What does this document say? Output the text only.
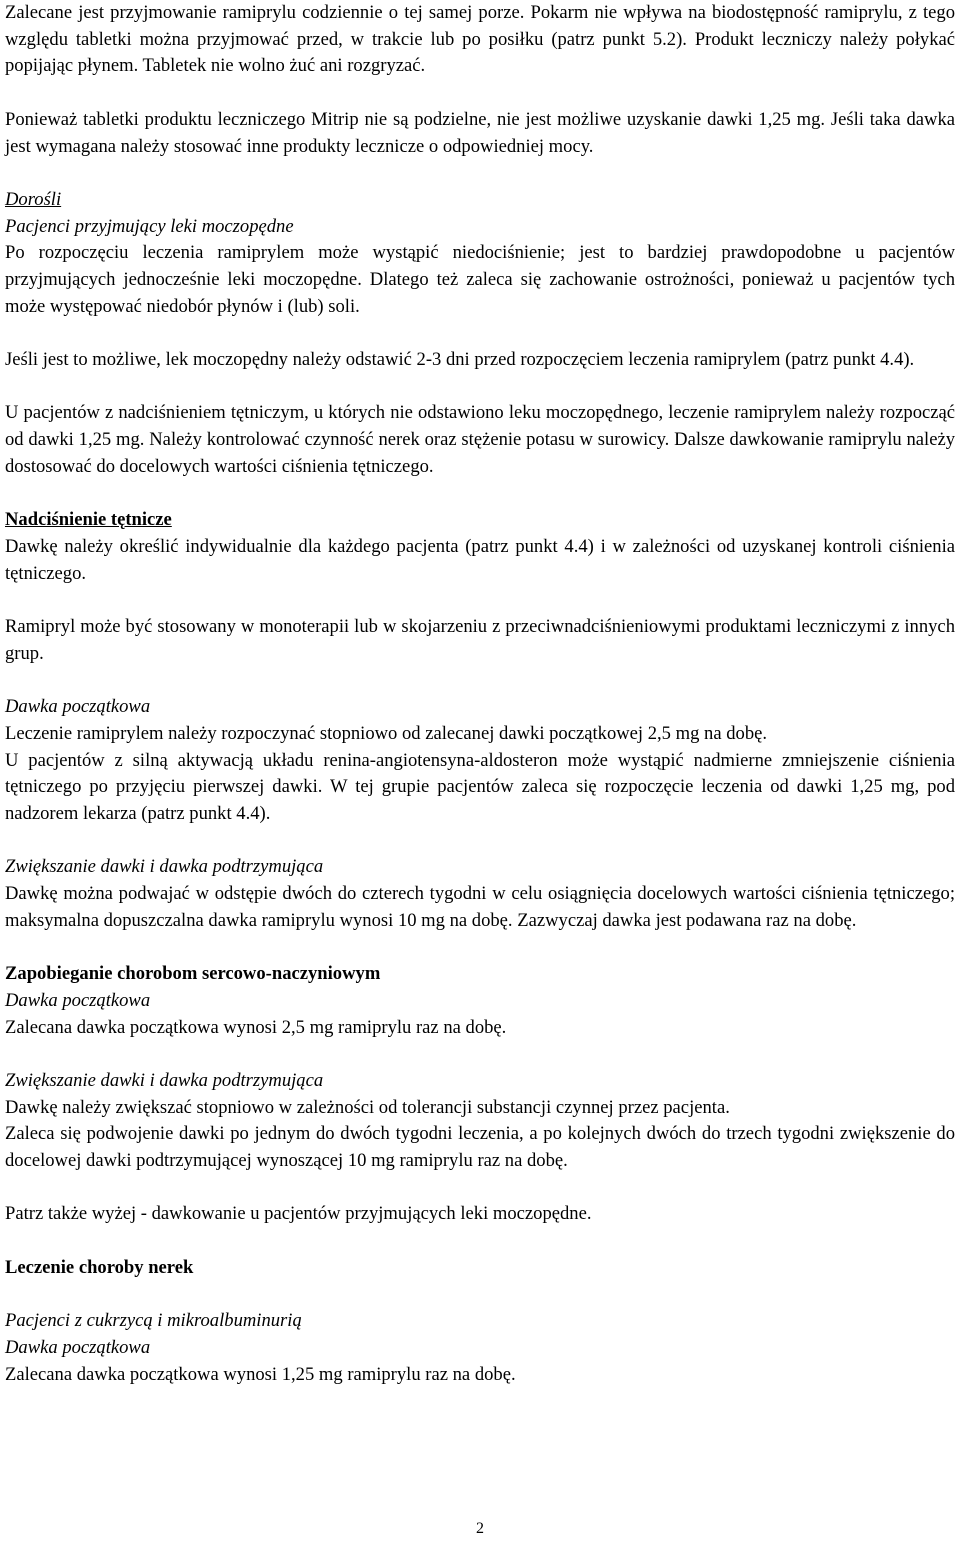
Zalecane jest przyjmowanie ramiprylu codziennie o tej samej porze. Pokarm nie wpływa na biodostępność ramiprylu, z tego względu tabletki można przyjmować przed, w trakcie lub po posiłku (patrz punkt 5.2). Produkt leczniczy należy połykać popijając płynem. Tabletek nie wolno żuć ani rozgryzać.

Ponieważ tabletki produktu leczniczego Mitrip nie są podzielne, nie jest możliwe uzyskanie dawki 1,25 mg. Jeśli taka dawka jest wymagana należy stosować inne produkty lecznicze o odpowiedniej mocy.

Dorośli

Pacjenci przyjmujący leki moczopędne

Po rozpoczęciu leczenia ramiprylem może wystąpić niedociśnienie; jest to bardziej prawdopodobne u pacjentów przyjmujących jednocześnie leki moczopędne. Dlatego też zaleca się zachowanie ostrożności, ponieważ u pacjentów tych może występować niedobór płynów i (lub) soli.

Jeśli jest to możliwe, lek moczopędny należy odstawić 2-3 dni przed rozpoczęciem leczenia ramiprylem (patrz punkt 4.4).

U pacjentów z nadciśnieniem tętniczym, u których nie odstawiono leku moczopędnego, leczenie ramiprylem należy rozpocząć od dawki 1,25 mg. Należy kontrolować czynność nerek oraz stężenie potasu w surowicy. Dalsze dawkowanie ramiprylu należy dostosować do docelowych wartości ciśnienia tętniczego.

Nadciśnienie tętnicze

Dawkę należy określić indywidualnie dla każdego pacjenta (patrz punkt 4.4) i w zależności od uzyskanej kontroli ciśnienia tętniczego.

Ramipryl może być stosowany w monoterapii lub w skojarzeniu z przeciwnadciśnieniowymi produktami leczniczymi z innych grup.

Dawka początkowa

Leczenie ramiprylem należy rozpoczynać stopniowo od zalecanej dawki początkowej 2,5 mg na dobę.

U pacjentów z silną aktywacją układu renina-angiotensyna-aldosteron może wystąpić nadmierne zmniejszenie ciśnienia tętniczego po przyjęciu pierwszej dawki. W tej grupie pacjentów zaleca się rozpoczęcie leczenia od dawki 1,25 mg, pod nadzorem lekarza (patrz punkt 4.4).

Zwiększanie dawki i dawka podtrzymująca

Dawkę można podwajać w odstępie dwóch do czterech tygodni w celu osiągnięcia docelowych wartości ciśnienia tętniczego; maksymalna dopuszczalna dawka ramiprylu wynosi 10 mg na dobę. Zazwyczaj dawka jest podawana raz na dobę.

Zapobieganie chorobom sercowo-naczyniowym

Dawka początkowa

Zalecana dawka początkowa wynosi 2,5 mg ramiprylu raz na dobę.

Zwiększanie dawki i dawka podtrzymująca

Dawkę należy zwiększać stopniowo w zależności od tolerancji substancji czynnej przez pacjenta.

Zaleca się podwojenie dawki po jednym do dwóch tygodni leczenia, a po kolejnych dwóch do trzech tygodni zwiększenie do docelowej dawki podtrzymującej wynoszącej 10 mg ramiprylu raz na dobę.

Patrz także wyżej - dawkowanie u pacjentów przyjmujących leki moczopędne.

Leczenie choroby nerek

Pacjenci z cukrzycą i mikroalbuminurią

Dawka początkowa

Zalecana dawka początkowa wynosi 1,25 mg ramiprylu raz na dobę.

2
